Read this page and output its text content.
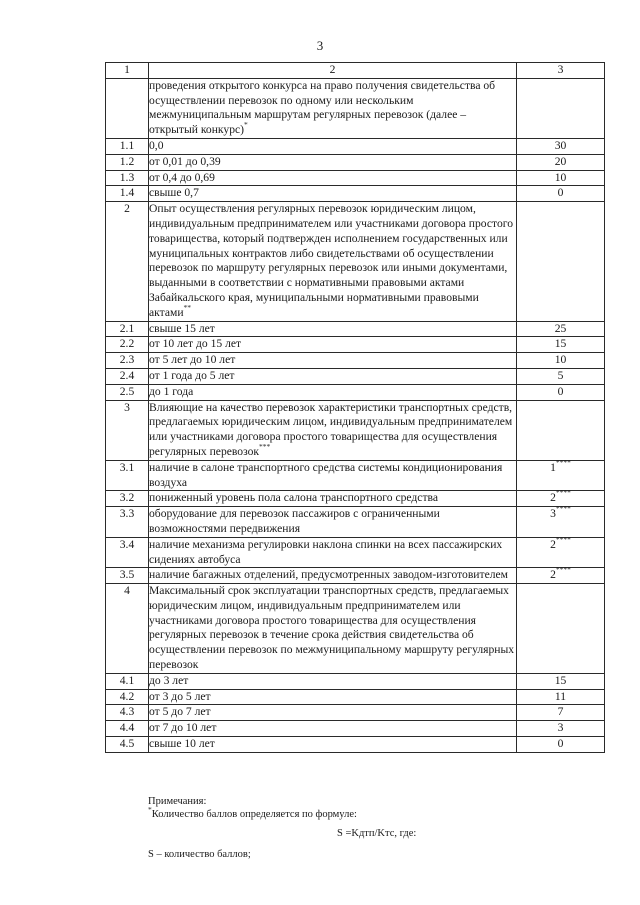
3
1	2	3
	проведения открытого конкурса на право получения свидетельства об осуществлении перевозок по одному или нескольким межмуниципальным маршрутам регулярных перевозок (далее – открытый конкурс)*	
1.1	0,0	30
1.2	от 0,01 до 0,39	20
1.3	от 0,4 до 0,69	10
1.4	свыше 0,7	0
2	Опыт осуществления регулярных перевозок юридическим лицом, индивидуальным предпринимателем или участниками договора простого товарищества, который подтвержден исполнением государственных или муниципальных контрактов либо свидетельствами об осуществлении перевозок по маршруту регулярных перевозок или иными документами, выданными в соответствии с нормативными правовыми актами Забайкальского края, муниципальными нормативными правовыми актами**	
2.1	свыше 15 лет	25
2.2	от 10 лет до 15 лет	15
2.3	от 5 лет до 10 лет	10
2.4	от 1 года до 5 лет	5
2.5	до 1 года	0
3	Влияющие на качество перевозок характеристики транспортных средств, предлагаемых юридическим лицом, индивидуальным предпринимателем или участниками договора простого товарищества для осуществления регулярных перевозок***	
3.1	наличие в салоне транспортного средства системы кондиционирования воздуха	1****
3.2	пониженный уровень пола салона транспортного средства	2****
3.3	оборудование для перевозок пассажиров с ограниченными возможностями передвижения	3****
3.4	наличие механизма регулировки наклона спинки на всех пассажирских сидениях автобуса	2****
3.5	наличие багажных отделений, предусмотренных заводом-изготовителем	2****
4	Максимальный срок эксплуатации транспортных средств, предлагаемых юридическим лицом, индивидуальным предпринимателем или участниками договора простого товарищества для осуществления регулярных перевозок в течение срока действия свидетельства об осуществлении перевозок по межмуниципальному маршруту регулярных перевозок	
4.1	до 3 лет	15
4.2	от 3 до 5 лет	11
4.3	от 5 до 7 лет	7
4.4	от 7 до 10 лет	3
4.5	свыше 10 лет	0
Примечания:
*Количество баллов определяется по формуле:
S =Kдтп/Kтс, где:
S – количество баллов;
